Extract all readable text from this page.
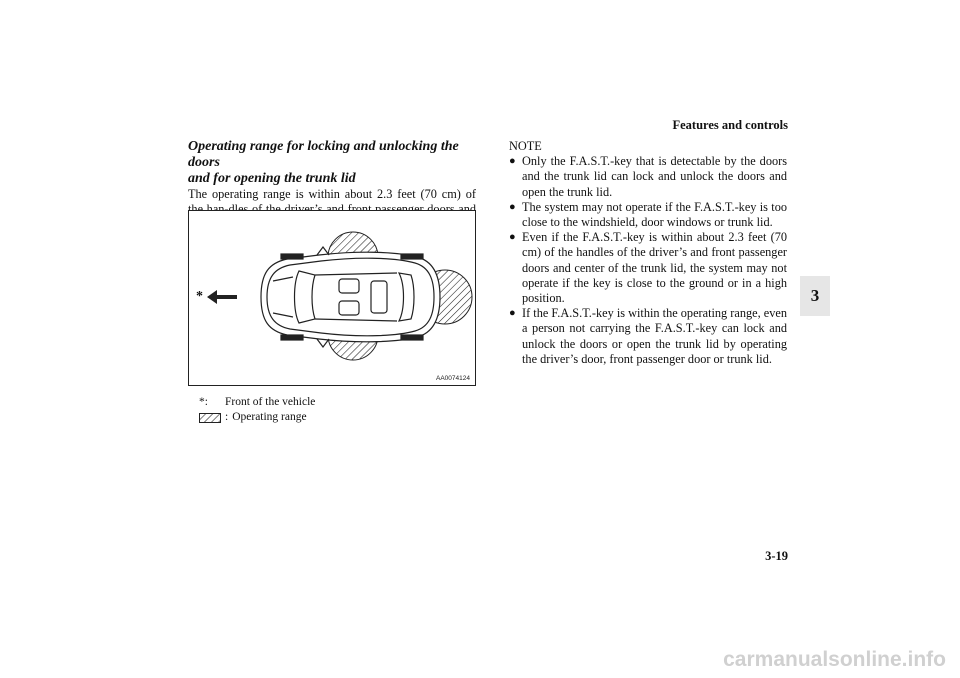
Features and controls
3

Operating range for locking and unlocking the doors
and for opening the trunk lid

The operating range is within about 2.3 feet (70 cm) of

*
AA0074124
*:	Front of the vehicle
: Operating range

NOTE

● Only the F.A.S.T.-key that is detectable by the doors and the trunk lid can lock and unlock the doors and open the trunk lid.
● The system may not operate if the F.A.S.T.-key is too close to the windshield, door windows or trunk lid.
● Even if the F.A.S.T.-key is within about 2.3 feet (70 cm) of the handles of the driver’s and front passenger doors and center of the trunk lid, the system may not operate if the key is close to the ground or in a high position.
● If the F.A.S.T.-key is within the operating range, even a person not carrying the F.A.S.T.-key can lock and unlock the doors or open the trunk lid by operating the driver’s door, front passenger door or trunk lid.
3-19
carmanualsonline.info
